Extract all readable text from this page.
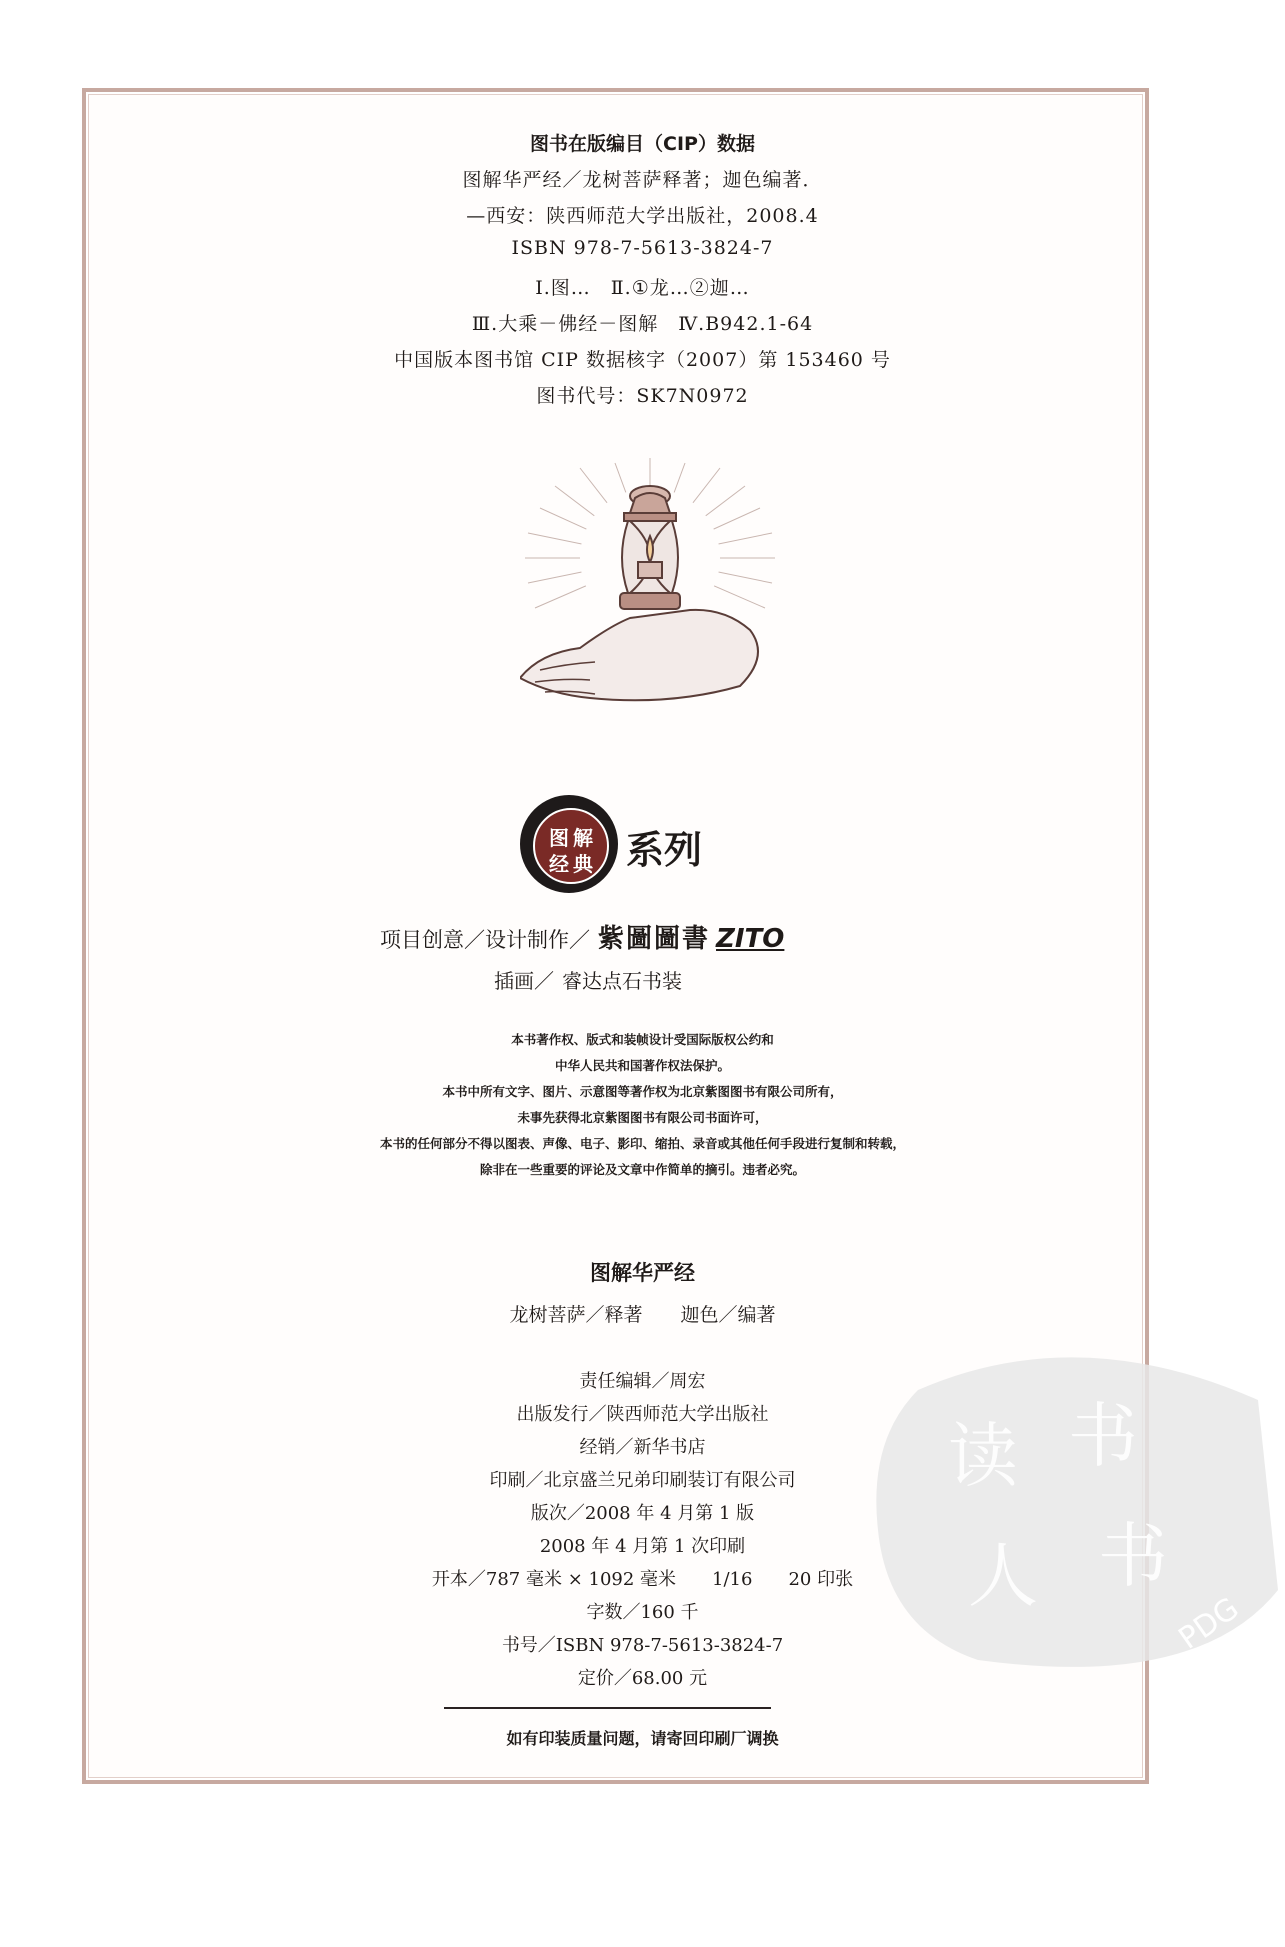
图书在版编目（CIP）数据
图解华严经／龙树菩萨释著；迦色编著．
—西安：陕西师范大学出版社，2008.4
ISBN 978-7-5613-3824-7
Ⅰ.图…　Ⅱ.①龙…②迦…
Ⅲ.大乘－佛经－图解　Ⅳ.B942.1-64
中国版本图书馆 CIP 数据核字（2007）第 153460 号
图书代号：SK7N0972
图 解
经 典 系列
项目创意／设计制作／ 紫圖圖書 ZITO
插画／ 睿达点石书装
本书著作权、版式和装帧设计受国际版权公约和
中华人民共和国著作权法保护。
本书中所有文字、图片、示意图等著作权为北京紫图图书有限公司所有，
未事先获得北京紫图图书有限公司书面许可，
本书的任何部分不得以图表、声像、电子、影印、缩拍、录音或其他任何手段进行复制和转载，
除非在一些重要的评论及文章中作简单的摘引。违者必究。
图解华严经
龙树菩萨／释著　　迦色／编著
责任编辑／周宏
出版发行／陕西师范大学出版社
经销／新华书店
印刷／北京盛兰兄弟印刷装订有限公司
版次／2008 年 4 月第 1 版
2008 年 4 月第 1 次印刷
开本／787 毫米 × 1092 毫米　　1/16　　20 印张
字数／160 千
书号／ISBN 978-7-5613-3824-7
定价／68.00 元
如有印装质量问题，请寄回印刷厂调换
读 书
人 书
PDG
